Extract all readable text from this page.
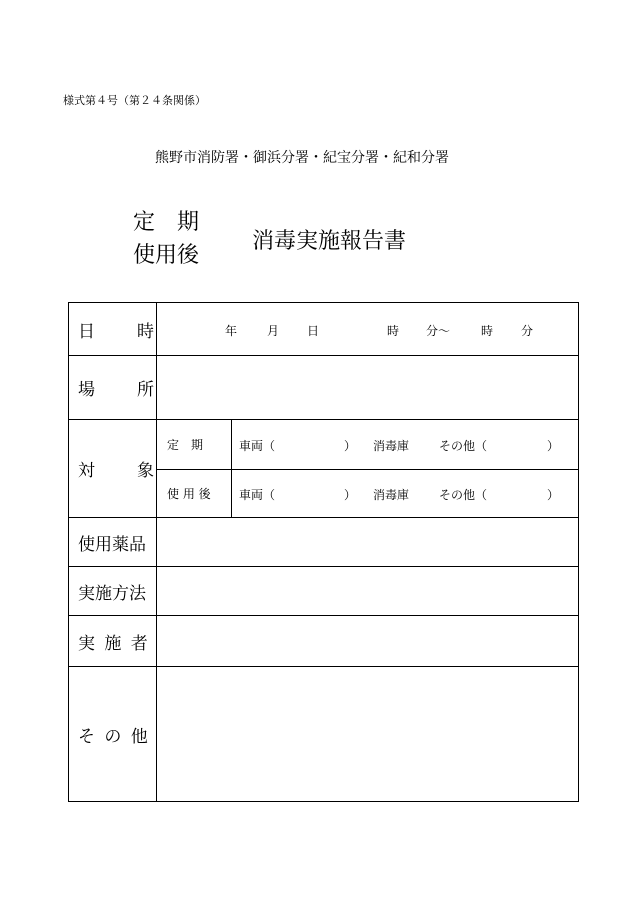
様式第４号（第２４条関係）
熊野市消防署・御浜分署・紀宝分署・紀和分署
定期
使用後
消毒実施報告書
日時 年 月 日	時 分～	時 分
場所
対象
定　期	車両（	） 消毒庫 その他（	）
使 用 後	車両（	） 消毒庫 その他（	）
使用薬品
実施方法
実 施 者
そ の 他
